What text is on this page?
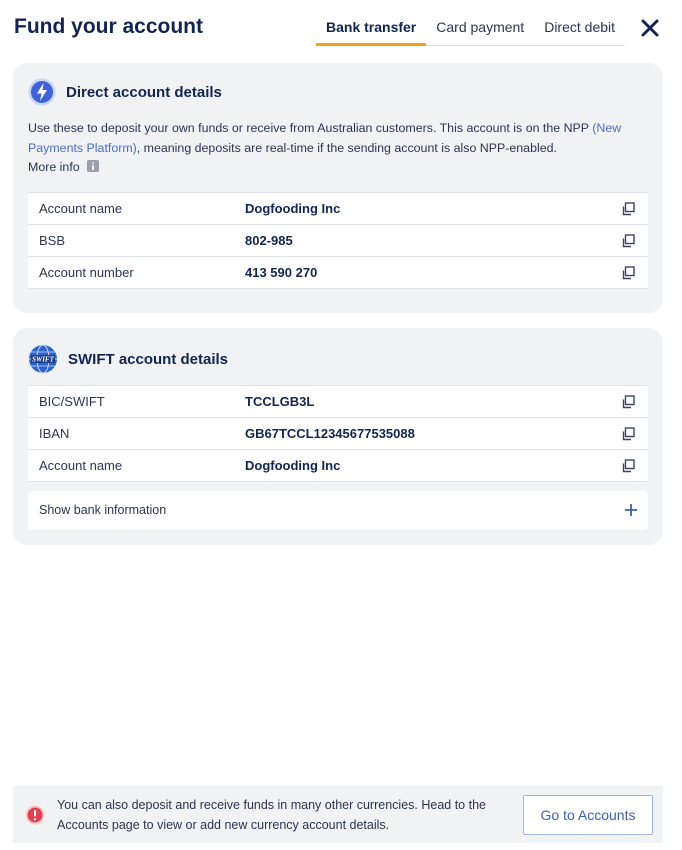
Fund your account	Bank transfer	Card payment	Direct debit
Direct account details
Use these to deposit your own funds or receive from Australian customers. This account is on the NPP (New Payments Platform), meaning deposits are real-time if the sending account is also NPP-enabled.
More info
Account name	Dogfooding Inc
BSB	802-985
Account number	413 590 270
SWIFT SWIFT account details
BIC/SWIFT	TCCLGB3L
IBAN	GB67TCCL12345677535088
Account name	Dogfooding Inc
Show bank information
You can also deposit and receive funds in many other currencies. Head to the Accounts page to view or add new currency account details.
Go to Accounts
